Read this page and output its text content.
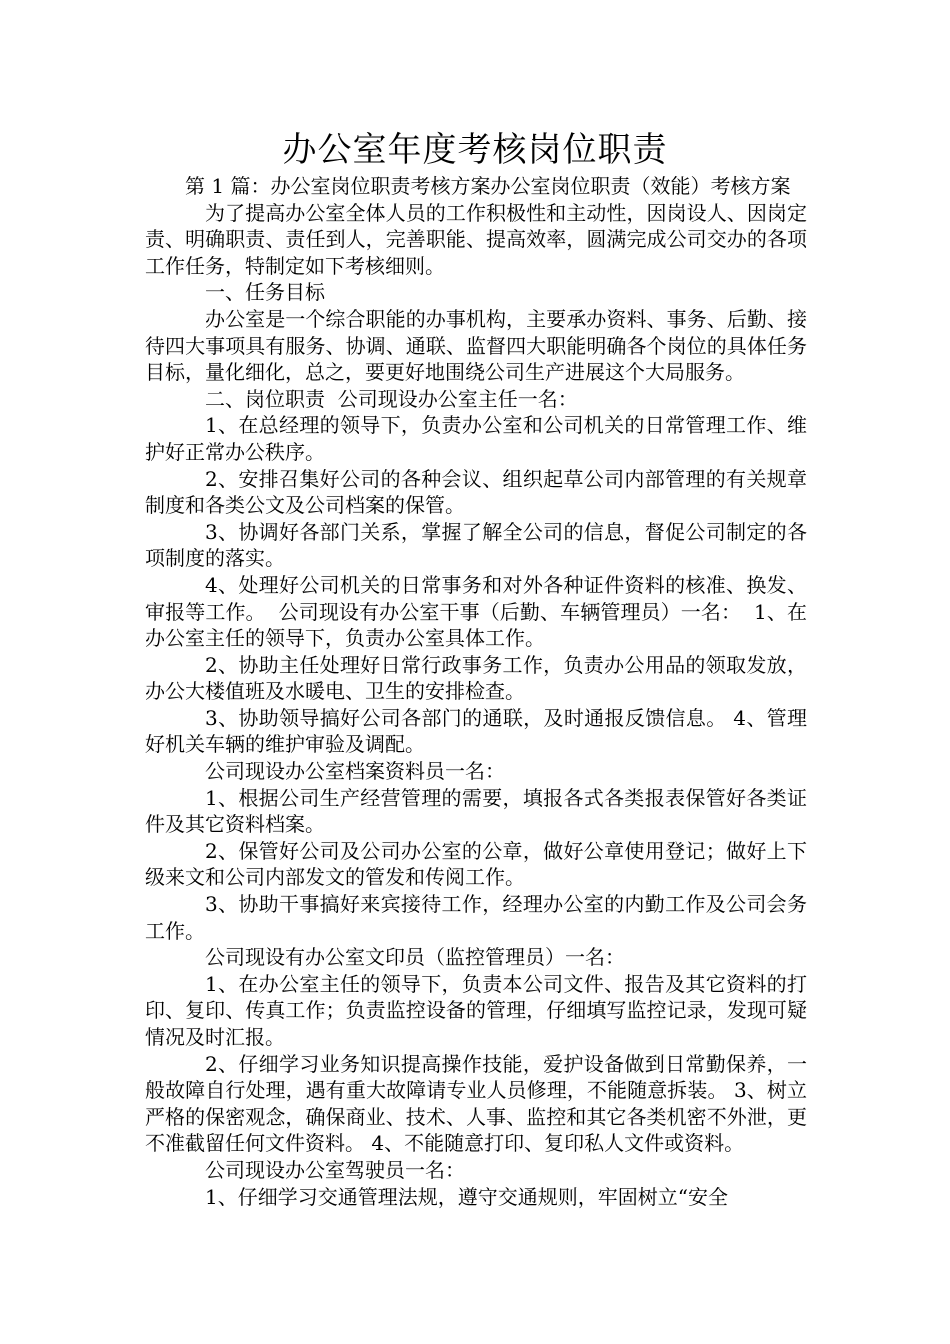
办公室年度考核岗位职责

第 1 篇：办公室岗位职责考核方案办公室岗位职责（效能）考核方案

为了提高办公室全体人员的工作积极性和主动性，因岗设人、因岗定责、明确职责、责任到人，完善职能、提高效率，圆满完成公司交办的各项工作任务，特制定如下考核细则。

一、任务目标

办公室是一个综合职能的办事机构，主要承办资料、事务、后勤、接待四大事项具有服务、协调、通联、监督四大职能明确各个岗位的具体任务目标，量化细化，总之，要更好地围绕公司生产进展这个大局服务。

二、岗位职责  公司现设办公室主任一名：

1、在总经理的领导下，负责办公室和公司机关的日常管理工作、维护好正常办公秩序。

2、安排召集好公司的各种会议、组织起草公司内部管理的有关规章制度和各类公文及公司档案的保管。

3、协调好各部门关系，掌握了解全公司的信息，督促公司制定的各项制度的落实。

4、处理好公司机关的日常事务和对外各种证件资料的核准、换发、审报等工作。  公司现设有办公室干事（后勤、车辆管理员）一名：  1、在办公室主任的领导下，负责办公室具体工作。

2、协助主任处理好日常行政事务工作，负责办公用品的领取发放，办公大楼值班及水暖电、卫生的安排检查。

3、协助领导搞好公司各部门的通联，及时通报反馈信息。 4、管理好机关车辆的维护审验及调配。

公司现设办公室档案资料员一名：

1、根据公司生产经营管理的需要，填报各式各类报表保管好各类证件及其它资料档案。

2、保管好公司及公司办公室的公章，做好公章使用登记；做好上下级来文和公司内部发文的管发和传阅工作。

3、协助干事搞好来宾接待工作，经理办公室的内勤工作及公司会务工作。

公司现设有办公室文印员（监控管理员）一名：

1、在办公室主任的领导下，负责本公司文件、报告及其它资料的打印、复印、传真工作；负责监控设备的管理，仔细填写监控记录，发现可疑情况及时汇报。

2、仔细学习业务知识提高操作技能，爱护设备做到日常勤保养，一般故障自行处理，遇有重大故障请专业人员修理，不能随意拆装。 3、树立严格的保密观念，确保商业、技术、人事、监控和其它各类机密不外泄，更不准截留任何文件资料。 4、不能随意打印、复印私人文件或资料。

公司现设办公室驾驶员一名：

1、仔细学习交通管理法规，遵守交通规则，牢固树立“安全
